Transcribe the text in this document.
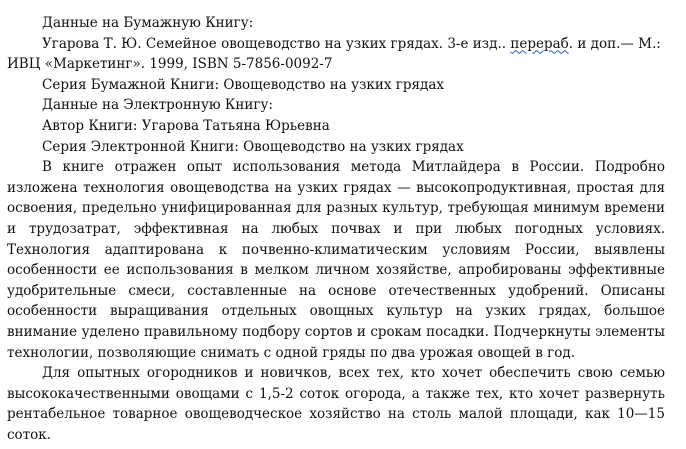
Данные на Бумажную Книгу:

Угарова Т. Ю. Семейное овощеводство на узких грядах. 3-е изд.. перераб. и доп.— М.:

ИВЦ «Маркетинг». 1999, ISBN 5-7856-0092-7

Серия Бумажной Книги: Овощеводство на узких грядах

Данные на Электронную Книгу:

Автор Книги: Угарова Татьяна Юрьевна

Серия Электронной Книги: Овощеводство на узких грядах

В книге отражен опыт использования метода Митлайдера в России. Подробно изложена технология овощеводства на узких грядах — высокопродуктивная, простая для освоения, предельно унифицированная для разных культур, требующая минимум времени и трудозатрат, эффективная на любых почвах и при любых погодных условиях. Технология адаптирована к почвенно-климатическим условиям России, выявлены особенности ее использования в мелком личном хозяйстве, апробированы эффективные удобрительные смеси, составленные на основе отечественных удобрений. Описаны особенности выращивания отдельных овощных культур на узких грядах, большое внимание уделено правильному подбору сортов и срокам посадки. Подчеркнуты элементы технологии, позволяющие снимать с одной гряды по два урожая овощей в год.

Для опытных огородников и новичков, всех тех, кто хочет обеспечить свою семью высококачественными овощами с 1,5-2 соток огорода, а также тех, кто хочет развернуть рентабельное товарное овощеводческое хозяйство на столь малой площади, как 10—15 соток.
